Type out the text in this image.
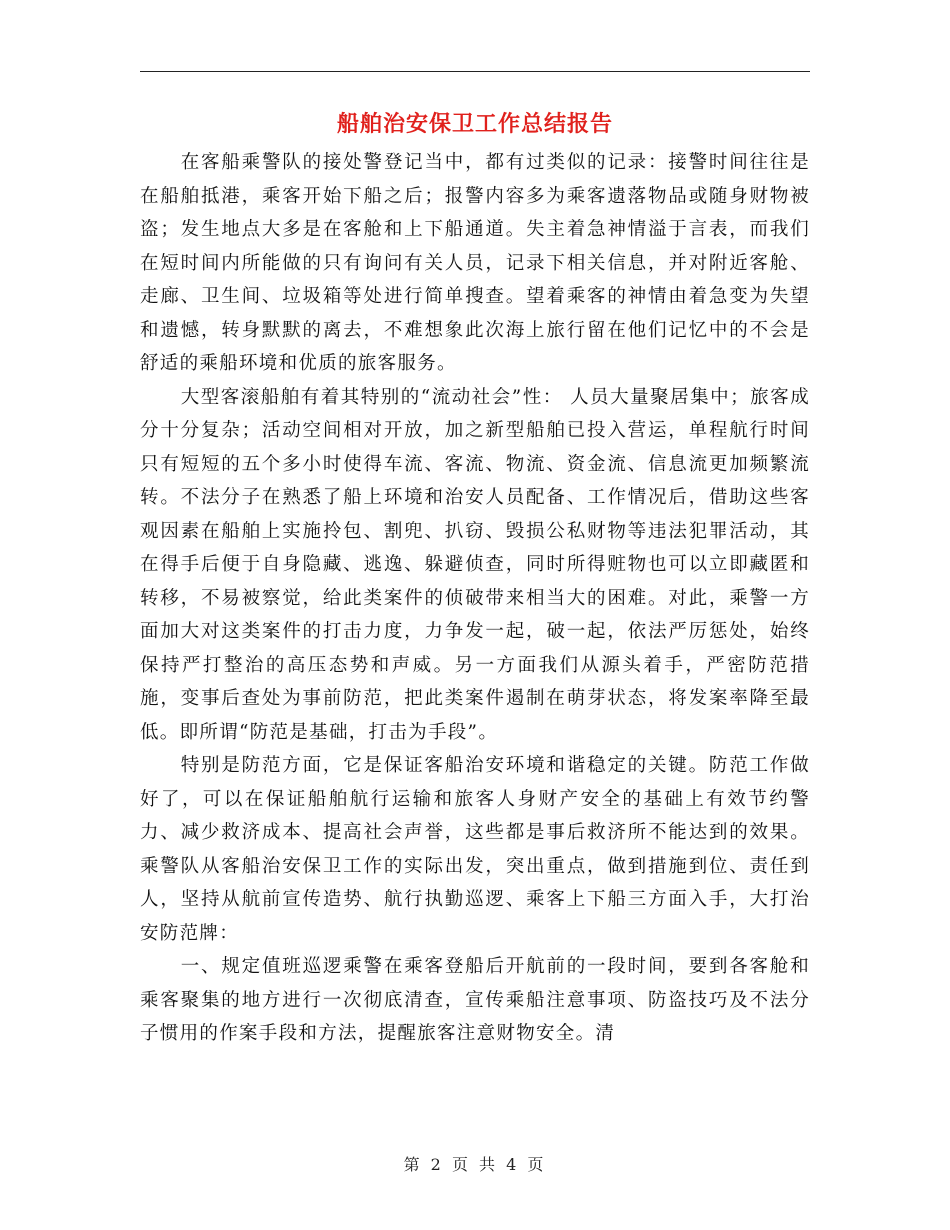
船舶治安保卫工作总结报告

在客船乘警队的接处警登记当中，都有过类似的记录：接警时间往往是在船舶抵港，乘客开始下船之后；报警内容多为乘客遗落物品或随身财物被盗；发生地点大多是在客舱和上下船通道。失主着急神情溢于言表，而我们在短时间内所能做的只有询问有关人员，记录下相关信息，并对附近客舱、走廊、卫生间、垃圾箱等处进行简单搜查。望着乘客的神情由着急变为失望和遗憾，转身默默的离去，不难想象此次海上旅行留在他们记忆中的不会是舒适的乘船环境和优质的旅客服务。

大型客滚船舶有着其特别的“流动社会”性： 人员大量聚居集中；旅客成分十分复杂；活动空间相对开放，加之新型船舶已投入营运，单程航行时间只有短短的五个多小时使得车流、客流、物流、资金流、信息流更加频繁流转。不法分子在熟悉了船上环境和治安人员配备、工作情况后，借助这些客观因素在船舶上实施拎包、割兜、扒窃、毁损公私财物等违法犯罪活动，其在得手后便于自身隐藏、逃逸、躲避侦查，同时所得赃物也可以立即藏匿和转移，不易被察觉，给此类案件的侦破带来相当大的困难。对此，乘警一方面加大对这类案件的打击力度，力争发一起，破一起，依法严厉惩处，始终保持严打整治的高压态势和声威。另一方面我们从源头着手，严密防范措施，变事后查处为事前防范，把此类案件遏制在萌芽状态，将发案率降至最低。即所谓“防范是基础，打击为手段”。

特别是防范方面，它是保证客船治安环境和谐稳定的关键。防范工作做好了，可以在保证船舶航行运输和旅客人身财产安全的基础上有效节约警力、减少救济成本、提高社会声誉，这些都是事后救济所不能达到的效果。乘警队从客船治安保卫工作的实际出发，突出重点，做到措施到位、责任到人，坚持从航前宣传造势、航行执勤巡逻、乘客上下船三方面入手，大打治安防范牌：

一、规定值班巡逻乘警在乘客登船后开航前的一段时间，要到各客舱和乘客聚集的地方进行一次彻底清查，宣传乘船注意事项、防盗技巧及不法分子惯用的作案手段和方法，提醒旅客注意财物安全。清

第 2 页 共 4 页
